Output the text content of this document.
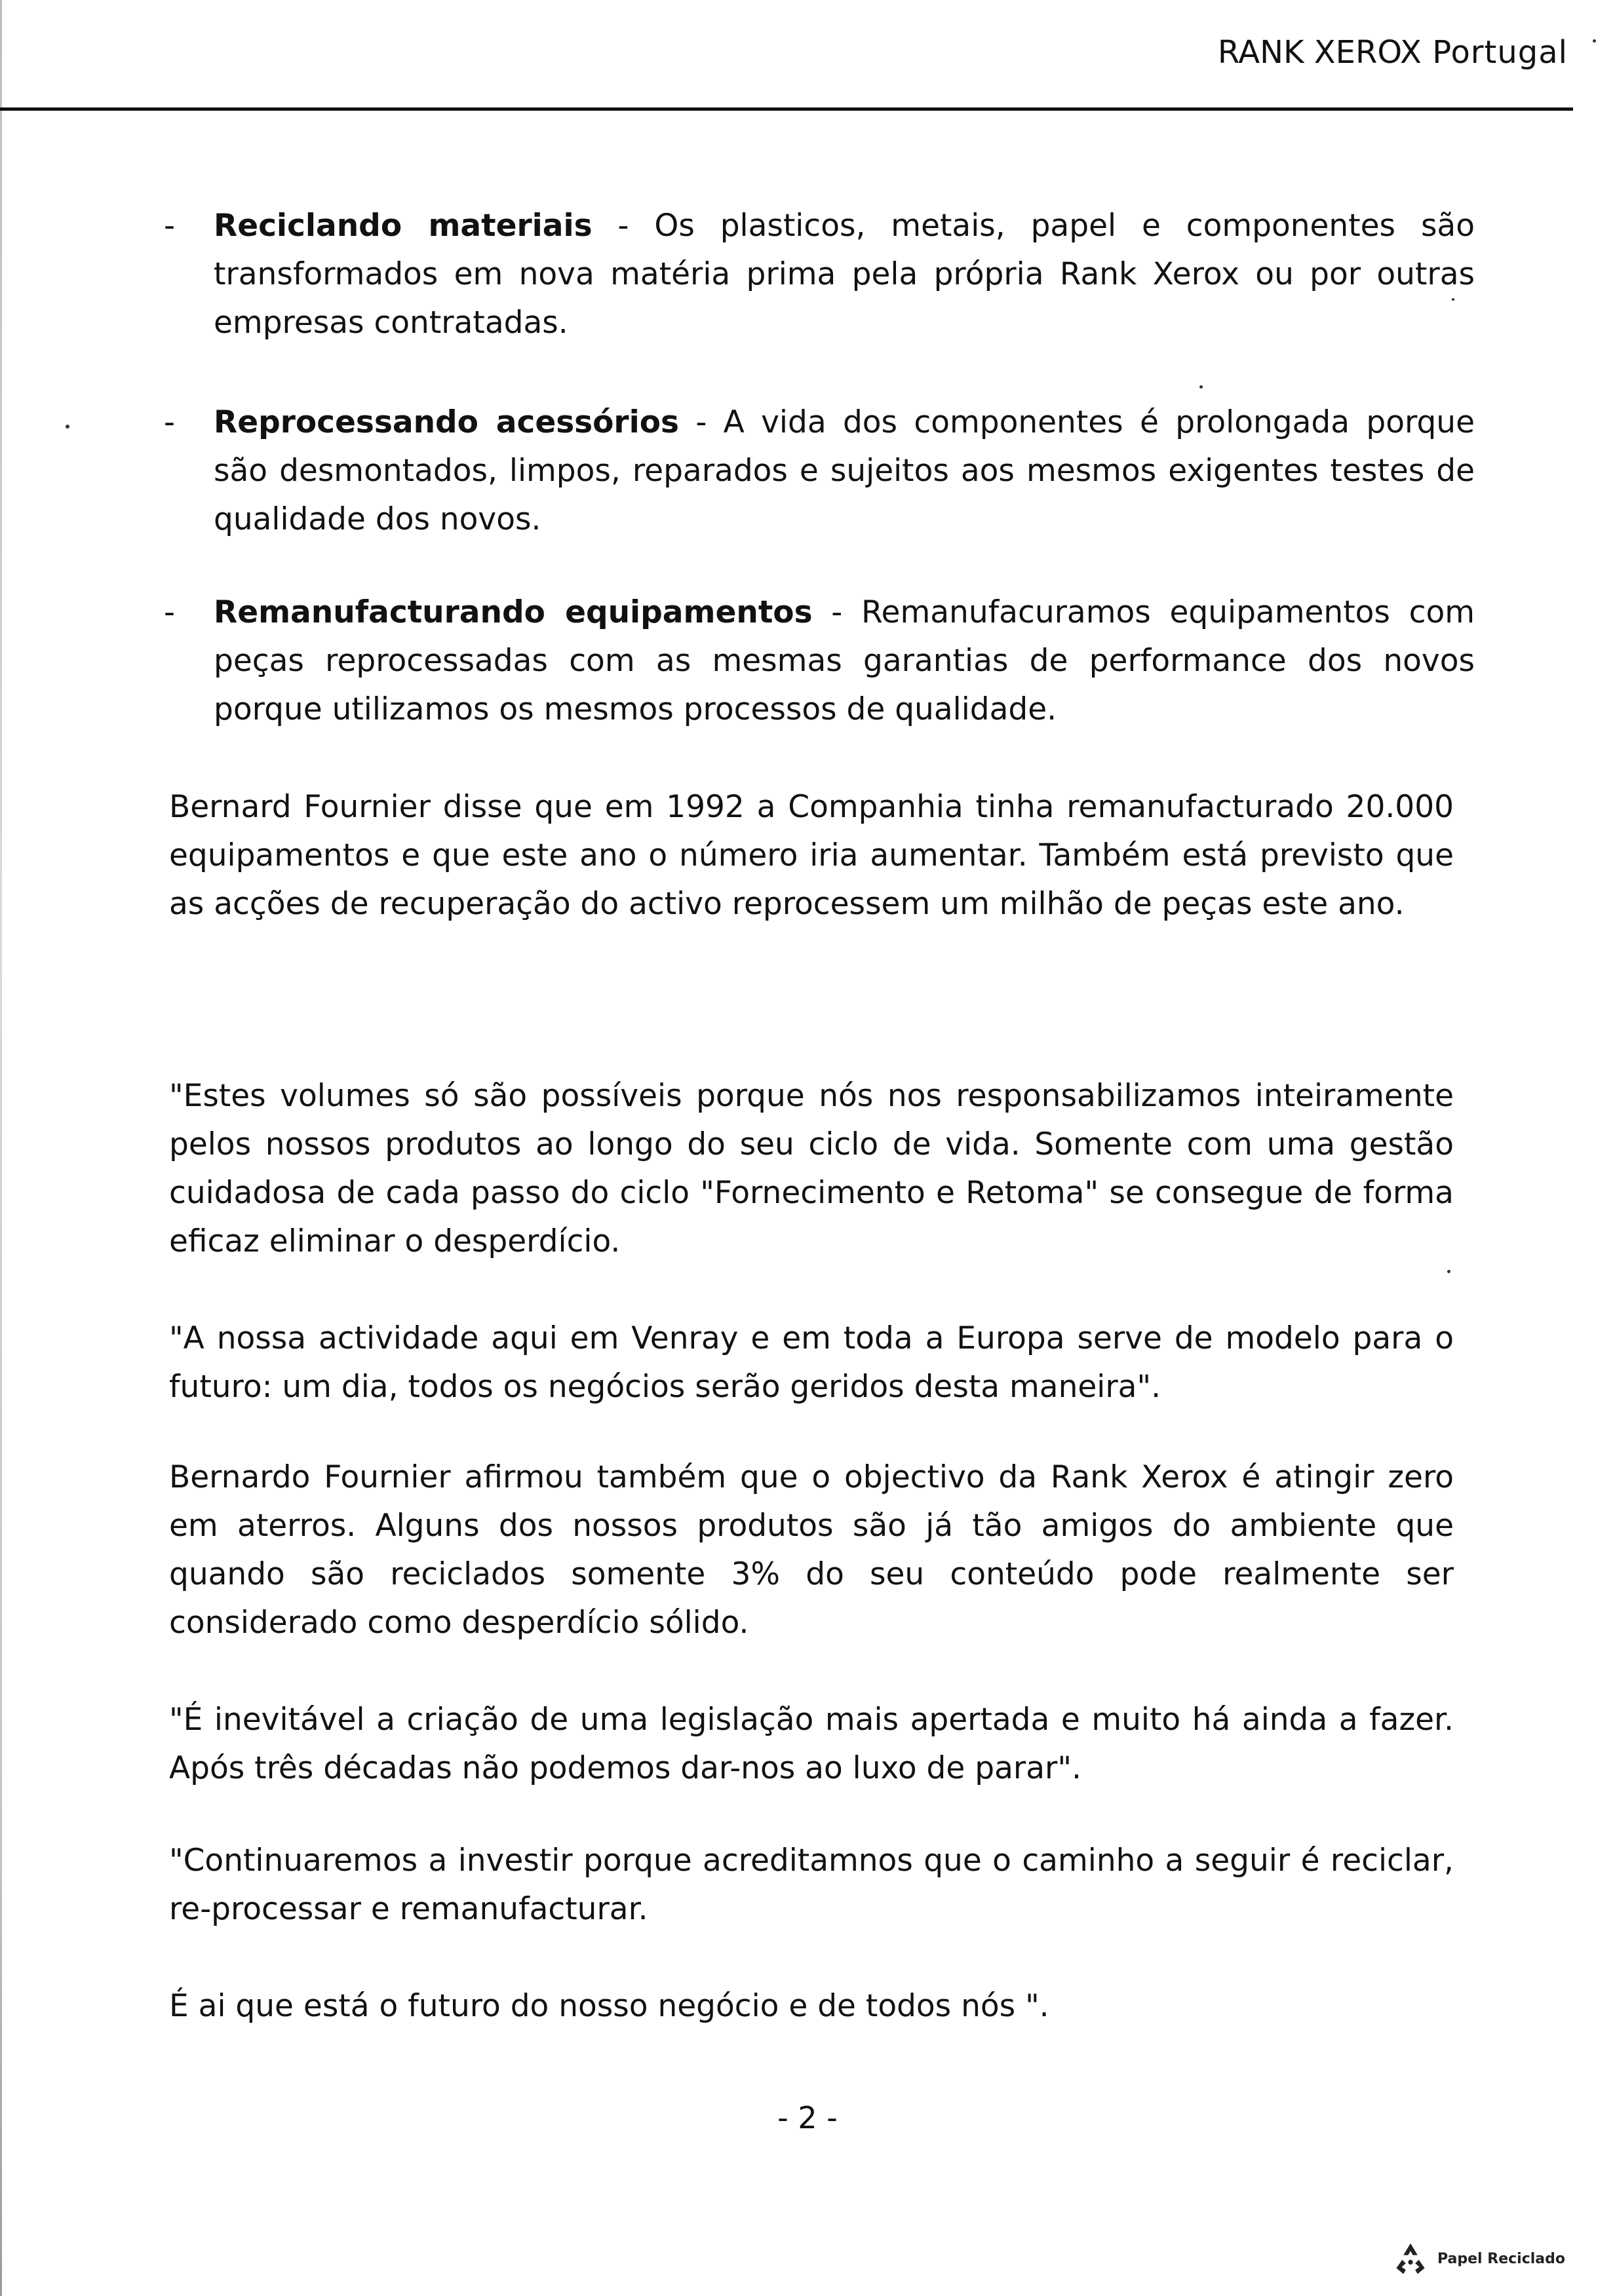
RANK XEROX Portugal
- Reciclando materiais - Os plasticos, metais, papel e componentes são transformados em nova matéria prima pela própria Rank Xerox ou por outras empresas contratadas.
- Reprocessando acessórios - A vida dos componentes é prolongada porque são desmontados, limpos, reparados e sujeitos aos mesmos exigentes testes de qualidade dos novos.
- Remanufacturando equipamentos - Remanufacuramos equipamentos com peças reprocessadas com as mesmas garantias de performance dos novos porque utilizamos os mesmos processos de qualidade.

Bernard Fournier disse que em 1992 a Companhia tinha remanufacturado 20.000 equipamentos e que este ano o número iria aumentar. Também está previsto que as acções de recuperação do activo reprocessem um milhão de peças este ano.

"Estes volumes só são possíveis porque nós nos responsabilizamos inteiramente pelos nossos produtos ao longo do seu ciclo de vida. Somente com uma gestão cuidadosa de cada passo do ciclo "Fornecimento e Retoma" se consegue de forma eficaz eliminar o desperdício.

"A nossa actividade aqui em Venray e em toda a Europa serve de modelo para o futuro: um dia, todos os negócios serão geridos desta maneira".

Bernardo Fournier afirmou também que o objectivo da Rank Xerox é atingir zero em aterros. Alguns dos nossos produtos são já tão amigos do ambiente que quando são reciclados somente 3% do seu conteúdo pode realmente ser considerado como desperdício sólido.

"É inevitável a criação de uma legislação mais apertada e muito há ainda a fazer. Após três décadas não podemos dar-nos ao luxo de parar".

"Continuaremos a investir porque acreditamnos que o caminho a seguir é reciclar, re-processar e remanufacturar.

É ai que está o futuro do nosso negócio e de todos nós ".

- 2 -
Papel Reciclado
